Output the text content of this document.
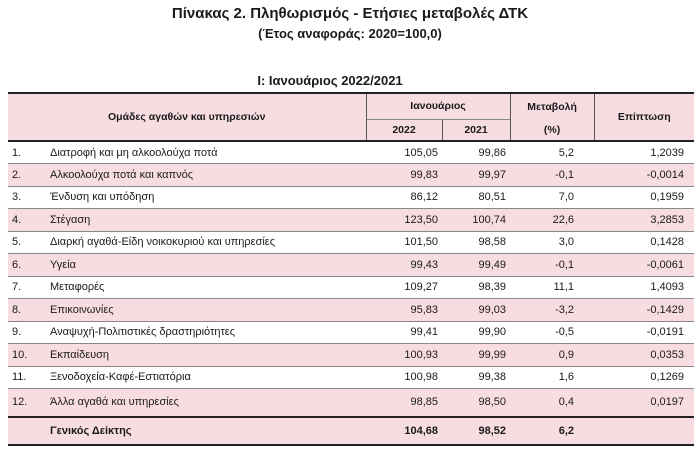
Πίνακας 2. Πληθωρισμός - Ετήσιες μεταβολές ΔΤΚ
(Έτος αναφοράς: 2020=100,0)
Ι: Ιανουάριος 2022/2021
Ομάδες αγαθών και υπηρεσιών		Ιανουάριος		Μεταβολή	Επίπτωση
		2022	2021	(%)	
1.	Διατροφή και μη αλκοολούχα ποτά	105,05	99,86	5,2	1,2039
2.	Αλκοολούχα ποτά και καπνός	99,83	99,97	-0,1	-0,0014
3.	Ένδυση και υπόδηση	86,12	80,51	7,0	0,1959
4.	Στέγαση	123,50	100,74	22,6	3,2853
5.	Διαρκή αγαθά-Είδη νοικοκυριού και υπηρεσίες	101,50	98,58	3,0	0,1428
6.	Υγεία	99,43	99,49	-0,1	-0,0061
7.	Μεταφορές	109,27	98,39	11,1	1,4093
8.	Επικοινωνίες	95,83	99,03	-3,2	-0,1429
9.	Αναψυχή-Πολιτιστικές δραστηριότητες	99,41	99,90	-0,5	-0,0191
10.	Εκπαίδευση	100,93	99,99	0,9	0,0353
11.	Ξενοδοχεία-Καφέ-Εστιατόρια	100,98	99,38	1,6	0,1269
12.	Άλλα αγαθά και υπηρεσίες	98,85	98,50	0,4	0,0197
	Γενικός Δείκτης	104,68	98,52	6,2	
